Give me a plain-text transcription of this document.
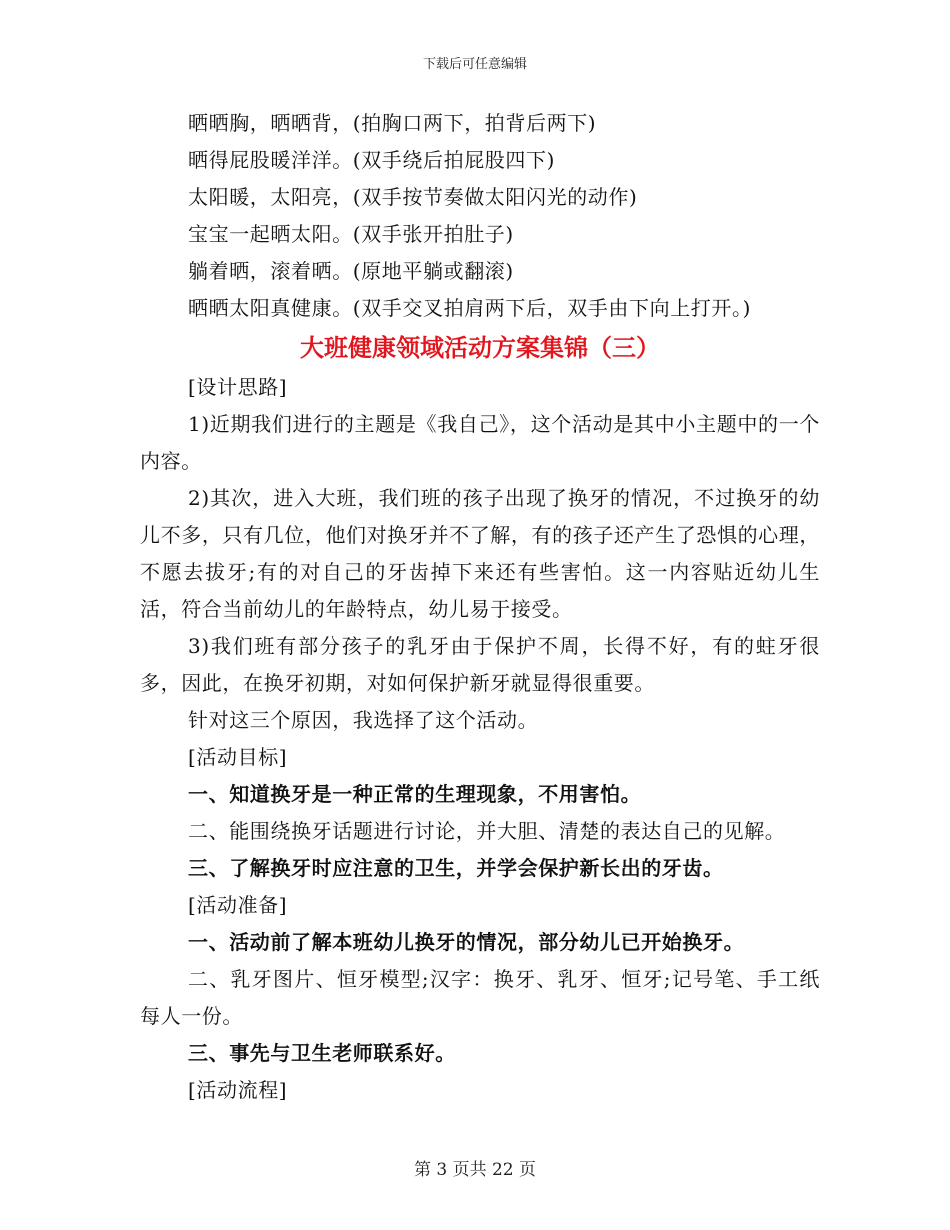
下载后可任意编辑
晒晒胸，晒晒背，(拍胸口两下，拍背后两下)
晒得屁股暖洋洋。(双手绕后拍屁股四下)
太阳暖，太阳亮，(双手按节奏做太阳闪光的动作)
宝宝一起晒太阳。(双手张开拍肚子)
躺着晒，滚着晒。(原地平躺或翻滚)
晒晒太阳真健康。(双手交叉拍肩两下后，双手由下向上打开。)
大班健康领域活动方案集锦（三）
[设计思路]
1)近期我们进行的主题是《我自己》，这个活动是其中小主题中的一个内容。
2)其次，进入大班，我们班的孩子出现了换牙的情况，不过换牙的幼儿不多，只有几位，他们对换牙并不了解，有的孩子还产生了恐惧的心理，不愿去拔牙;有的对自己的牙齿掉下来还有些害怕。这一内容贴近幼儿生活，符合当前幼儿的年龄特点，幼儿易于接受。
3)我们班有部分孩子的乳牙由于保护不周，长得不好，有的蛀牙很多，因此，在换牙初期，对如何保护新牙就显得很重要。
针对这三个原因，我选择了这个活动。
[活动目标]
一、知道换牙是一种正常的生理现象，不用害怕。
二、能围绕换牙话题进行讨论，并大胆、清楚的表达自己的见解。
三、了解换牙时应注意的卫生，并学会保护新长出的牙齿。
[活动准备]
一、活动前了解本班幼儿换牙的情况，部分幼儿已开始换牙。
二、乳牙图片、恒牙模型;汉字：换牙、乳牙、恒牙;记号笔、手工纸每人一份。
三、事先与卫生老师联系好。
[活动流程]
第 3 页共 22 页
